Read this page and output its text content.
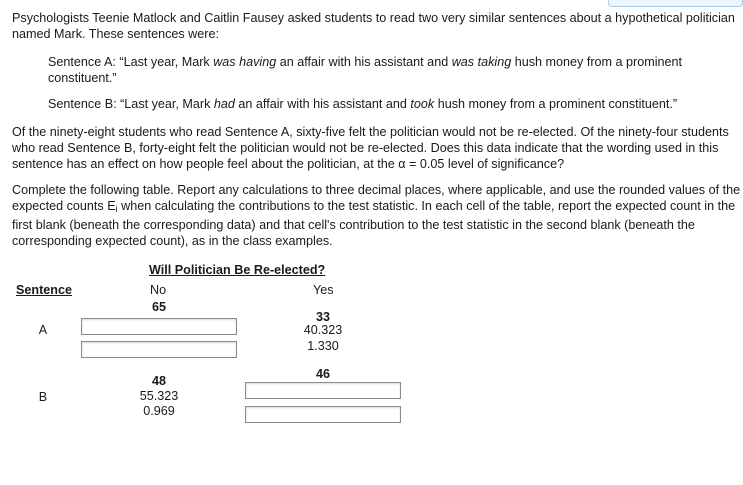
Psychologists Teenie Matlock and Caitlin Fausey asked students to read two very similar sentences about a hypothetical politician named Mark. These sentences were:

Sentence A: “Last year, Mark was having an affair with his assistant and was taking hush money from a prominent constituent.”

Sentence B: “Last year, Mark had an affair with his assistant and took hush money from a prominent constituent.”

Of the ninety-eight students who read Sentence A, sixty-five felt the politician would not be re-elected. Of the ninety-four students who read Sentence B, forty-eight felt the politician would not be re-elected. Does this data indicate that the wording used in this sentence has an effect on how people feel about the politician, at the α = 0.05 level of significance?

Complete the following table. Report any calculations to three decimal places, where applicable, and use the rounded values of the expected counts $E_i$ when calculating the contributions to the test statistic. In each cell of the table, report the expected count in the first blank (beneath the corresponding data) and that cell's contribution to the test statistic in the second blank (beneath the corresponding expected count), as in the class examples.

Will Politician Be Re-elected?
Sentence	No	Yes
A
65
33
40.323
1.330
B
48
55.323
0.969
46
